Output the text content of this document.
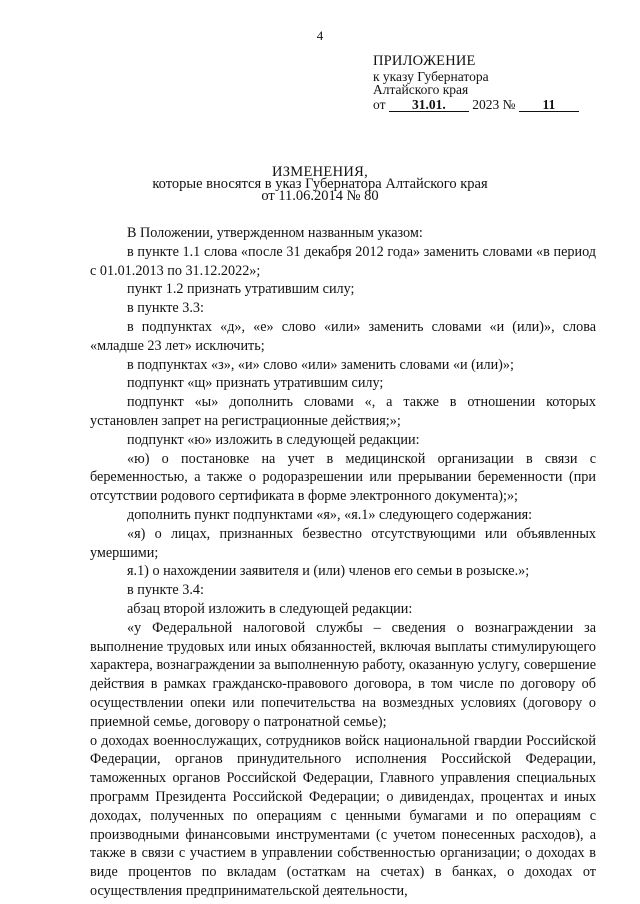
4
ПРИЛОЖЕНИЕ
к указу Губернатора
Алтайского края
от 31.01. 2023 № 11
ИЗМЕНЕНИЯ,
которые вносятся в указ Губернатора Алтайского края
от 11.06.2014 № 80

В Положении, утвержденном названным указом:

в пункте 1.1 слова «после 31 декабря 2012 года» заменить словами «в период с 01.01.2013 по 31.12.2022»;

пункт 1.2 признать утратившим силу;

в пункте 3.3:

в подпунктах «д», «е» слово «или» заменить словами «и (или)», слова «младше 23 лет» исключить;

в подпунктах «з», «и» слово «или» заменить словами «и (или)»;

подпункт «щ» признать утратившим силу;

подпункт «ы» дополнить словами «, а также в отношении которых установлен запрет на регистрационные действия;»;

подпункт «ю» изложить в следующей редакции:

«ю) о постановке на учет в медицинской организации в связи с беременностью, а также о родоразрешении или прерывании беременности (при отсутствии родового сертификата в форме электронного документа);»;

дополнить пункт подпунктами «я», «я.1» следующего содержания:

«я) о лицах, признанных безвестно отсутствующими или объявленных умершими;

я.1) о нахождении заявителя и (или) членов его семьи в розыске.»;

в пункте 3.4:

абзац второй изложить в следующей редакции:

«у Федеральной налоговой службы – сведения о вознаграждении за выполнение трудовых или иных обязанностей, включая выплаты стимулирующего характера, вознаграждении за выполненную работу, оказанную услугу, совершение действия в рамках гражданско-правового договора, в том числе по договору об осуществлении опеки или попечительства на возмездных условиях (договору о приемной семье, договору о патронатной семье);

о доходах военнослужащих, сотрудников войск национальной гвардии Российской Федерации, органов принудительного исполнения Российской Федерации, таможенных органов Российской Федерации, Главного управления специальных программ Президента Российской Федерации; о дивидендах, процентах и иных доходах, полученных по операциям с ценными бумагами и по операциям с производными финансовыми инструментами (с учетом понесенных расходов), а также в связи с участием в управлении собственностью организации; о доходах в виде процентов по вкладам (остаткам на счетах) в банках, о доходах от осуществления предпринимательской деятельности,
